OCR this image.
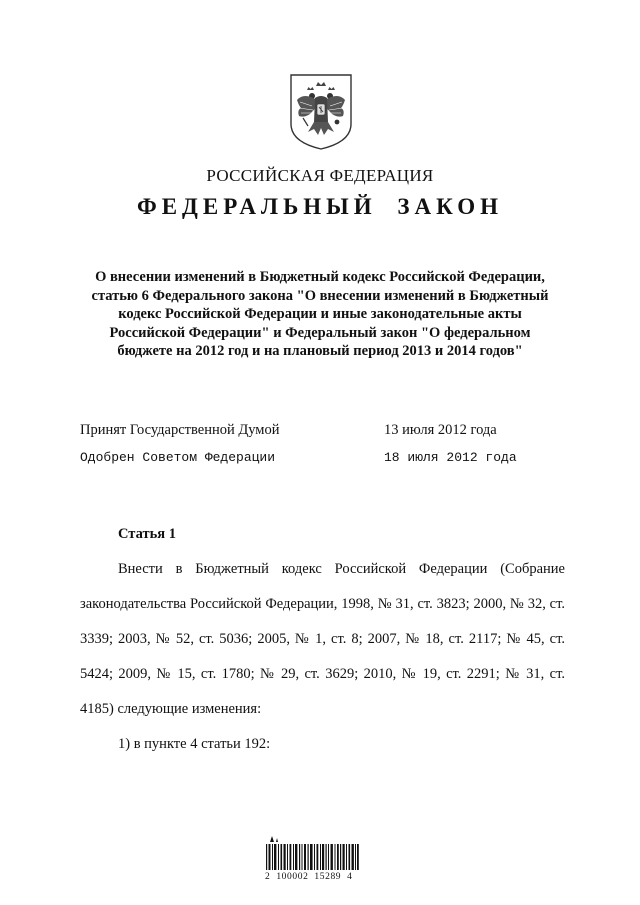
РОССИЙСКАЯ ФЕДЕРАЦИЯ
ФЕДЕРАЛЬНЫЙ ЗАКОН
О внесении изменений в Бюджетный кодекс Российской Федерации,
статью 6 Федерального закона "О внесении изменений в Бюджетный
кодекс Российской Федерации и иные законодательные акты
Российской Федерации" и Федеральный закон "О федеральном
бюджете на 2012 год и на плановый период 2013 и 2014 годов"
Принят Государственной Думой	13 июля 2012 года
Одобрен Советом Федерации	18 июля 2012 года
Статья 1
Внести в Бюджетный кодекс Российской Федерации (Собрание законодательства Российской Федерации, 1998, № 31, ст. 3823; 2000, № 32, ст. 3339; 2003, № 52, ст. 5036; 2005, № 1, ст. 8; 2007, № 18, ст. 2117; № 45, ст. 5424; 2009, № 15, ст. 1780; № 29, ст. 3629; 2010, № 19, ст. 2291; № 31, ст. 4185) следующие изменения:
1) в пункте 4 статьи 192:
2 100002 15289 4
